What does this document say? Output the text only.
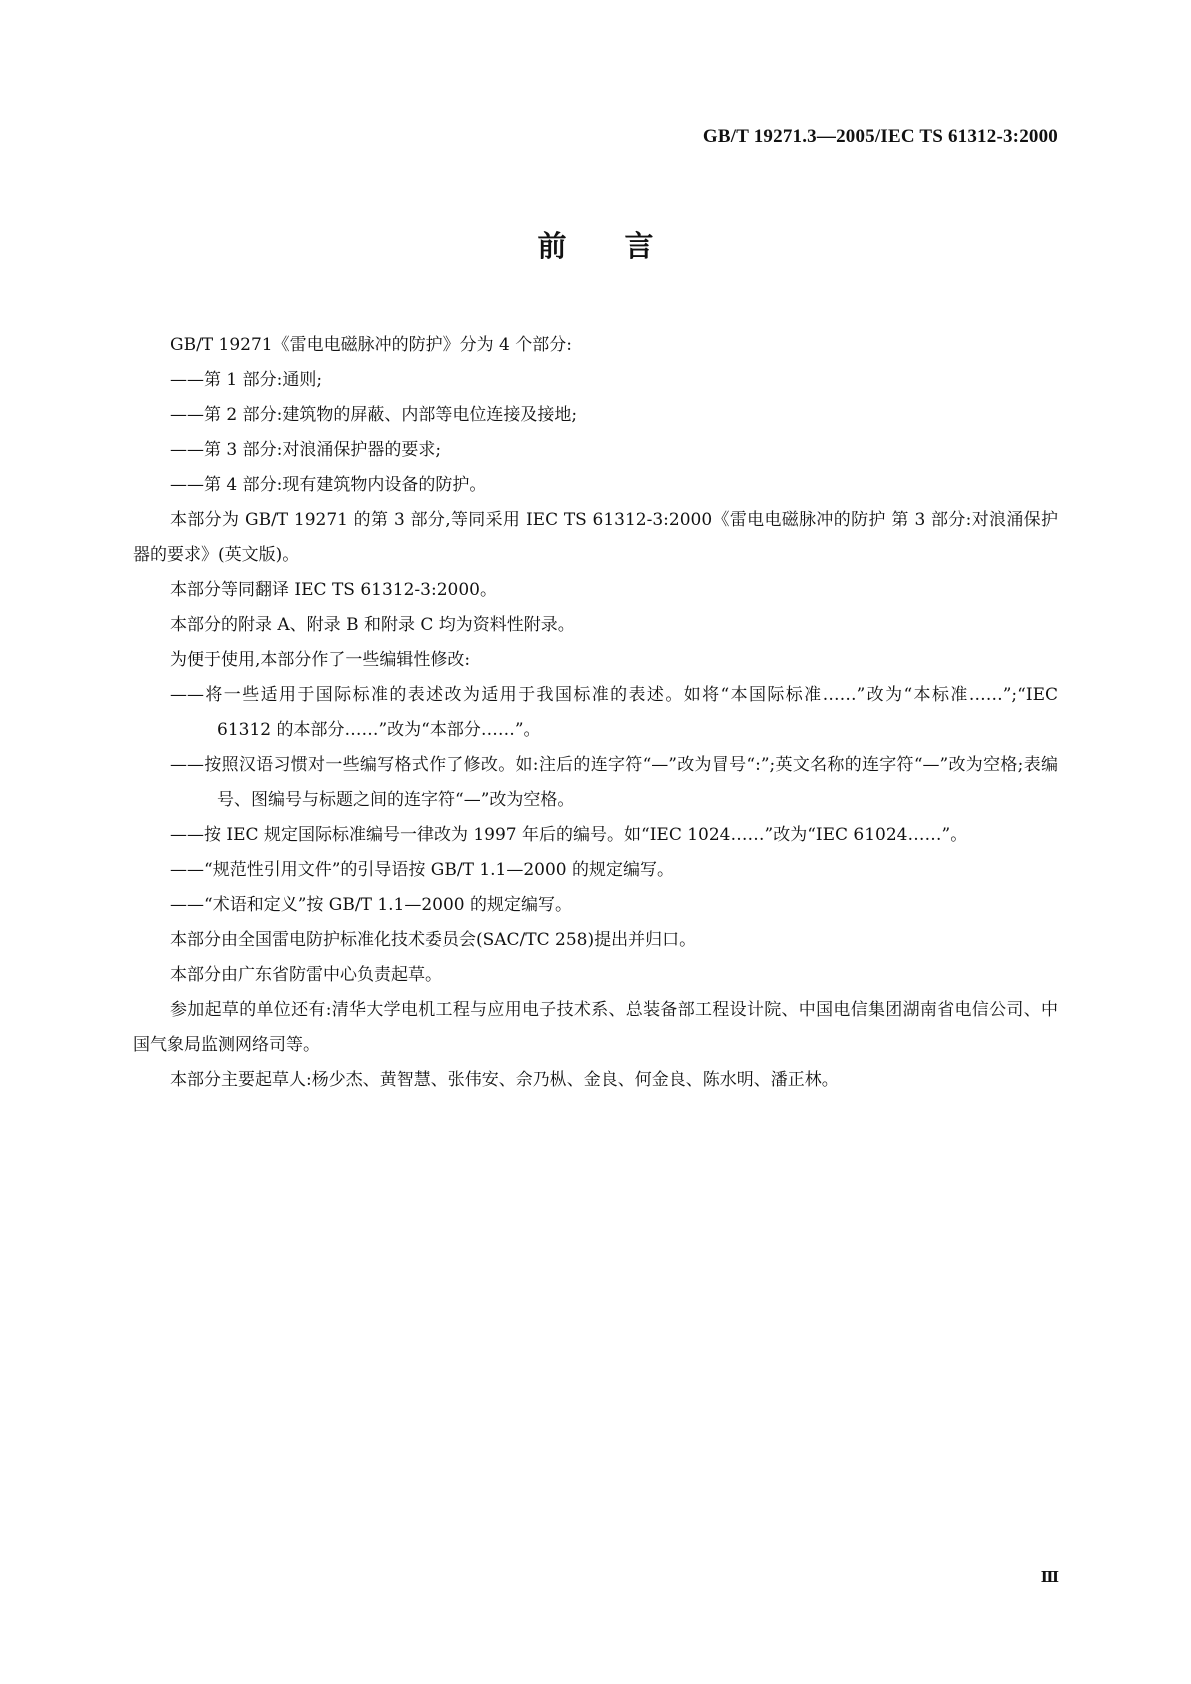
GB/T 19271.3—2005/IEC TS 61312-3:2000
前言

GB/T 19271《雷电电磁脉冲的防护》分为 4 个部分:

——第 1 部分:通则;

——第 2 部分:建筑物的屏蔽、内部等电位连接及接地;

——第 3 部分:对浪涌保护器的要求;

——第 4 部分:现有建筑物内设备的防护。

本部分为 GB/T 19271 的第 3 部分,等同采用 IEC TS 61312-3:2000《雷电电磁脉冲的防护 第 3 部分:对浪涌保护器的要求》(英文版)。

本部分等同翻译 IEC TS 61312-3:2000。

本部分的附录 A、附录 B 和附录 C 均为资料性附录。

为便于使用,本部分作了一些编辑性修改:

——将一些适用于国际标准的表述改为适用于我国标准的表述。如将“本国际标准……”改为“本标准……”;“IEC 61312 的本部分……”改为“本部分……”。

——按照汉语习惯对一些编写格式作了修改。如:注后的连字符“—”改为冒号“:”;英文名称的连字符“—”改为空格;表编号、图编号与标题之间的连字符“—”改为空格。

——按 IEC 规定国际标准编号一律改为 1997 年后的编号。如“IEC 1024……”改为“IEC 61024……”。

——“规范性引用文件”的引导语按 GB/T 1.1—2000 的规定编写。

——“术语和定义”按 GB/T 1.1—2000 的规定编写。

本部分由全国雷电防护标准化技术委员会(SAC/TC 258)提出并归口。

本部分由广东省防雷中心负责起草。

参加起草的单位还有:清华大学电机工程与应用电子技术系、总装备部工程设计院、中国电信集团湖南省电信公司、中国气象局监测网络司等。

本部分主要起草人:杨少杰、黄智慧、张伟安、佘乃枞、金良、何金良、陈水明、潘正林。

Ⅲ
